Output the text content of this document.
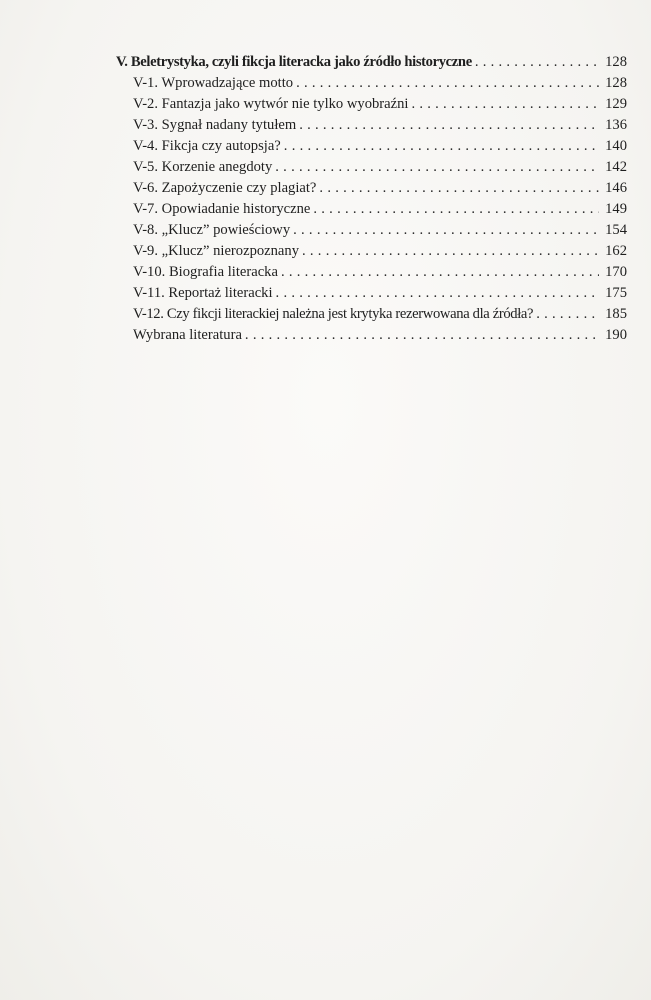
V. Beletrystyka, czyli fikcja literacka jako źródło historyczne . . .	128
V-1. Wprowadzające motto . . .	128
V-2. Fantazja jako wytwór nie tylko wyobraźni . . .	129
V-3. Sygnał nadany tytułem . . .	136
V-4. Fikcja czy autopsja? . . .	140
V-5. Korzenie anegdoty . . .	142
V-6. Zapożyczenie czy plagiat? . . .	146
V-7. Opowiadanie historyczne . . .	149
V-8. „Klucz” powieściowy . . .	154
V-9. „Klucz” nierozpoznany . . .	162
V-10. Biografia literacka . . .	170
V-11. Reportaż literacki . . .	175
V-12. Czy fikcji literackiej należna jest krytyka rezerwowana dla źródła? . . .	185
Wybrana literatura . . .	190
